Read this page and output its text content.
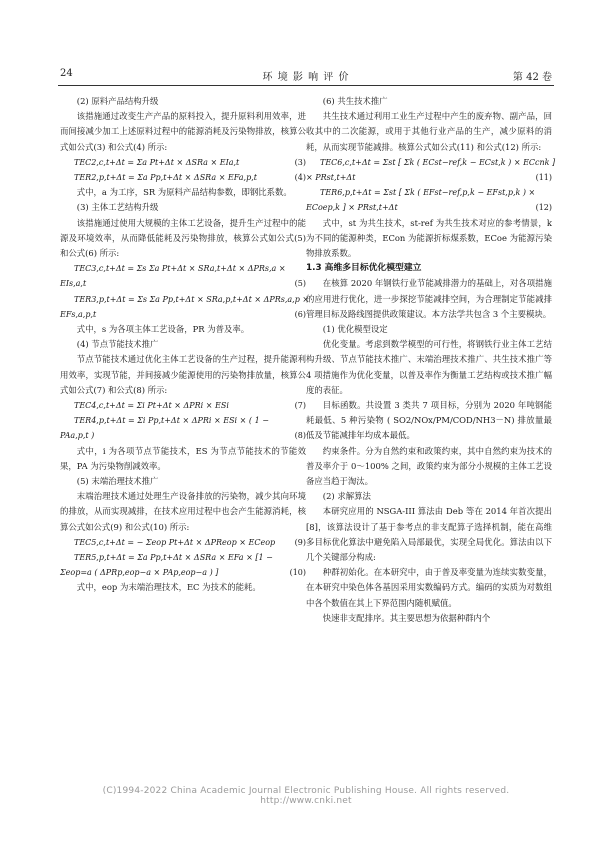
24	环 境 影 响 评 价	第 42 卷

(2) 原料产品结构升级

该措施通过改变生产产品的原料投入，提升原料利用效率，进而间接减少加工上述原料过程中的能源消耗及污染物排放，核算公式如公式(3) 和公式(4) 所示:

TEC2,c,t+Δt = Σa Pt+Δt × ΔSRa × EIa,t	(3)
TER2,p,t+Δt = Σa Pp,t+Δt × ΔSRa × EFa,p,t	(4)

式中，a 为工序，SR 为原料产品结构参数，即钢比系数。

(3) 主体工艺结构升级

该措施通过使用大规模的主体工艺设备，提升生产过程中的能源及环境效率，从而降低能耗及污染物排放，核算公式如公式(5) 和公式(6) 所示:

TEC3,c,t+Δt = Σs Σa Pt+Δt × SRa,t+Δt × ΔPRs,a ×
EIs,a,t	(5)
TER3,p,t+Δt = Σs Σa Pp,t+Δt × SRa,p,t+Δt × ΔPRs,a,p ×
EFs,a,p,t	(6)

式中，s 为各项主体工艺设备，PR 为普及率。

(4) 节点节能技术推广

节点节能技术通过优化主体工艺设备的生产过程，提升能源利用效率，实现节能，并间接减少能源使用的污染物排放量，核算公式如公式(7) 和公式(8) 所示:

TEC4,c,t+Δt = Σi Pt+Δt × ΔPRi × ESi	(7)
TER4,p,t+Δt = Σi Pp,t+Δt × ΔPRi × ESi × ( 1 −
PAa,p,t )	(8)

式中，i 为各项节点节能技术，ES 为节点节能技术的节能效果，PA 为污染物削减效率。

(5) 末端治理技术推广

末端治理技术通过处理生产设备排放的污染物，减少其向环境的排放，从而实现减排，在技术应用过程中也会产生能源消耗，核算公式如公式(9) 和公式(10) 所示:

TEC5,c,t+Δt = − Σeop Pt+Δt × ΔPReop × ECeop (9)
TER5,p,t+Δt = Σa Pp,t+Δt × ΔSRa × EFa × [1 −
Σeop=a ( ΔPRp,eop−a × PAp,eop−a ) ]	(10)

式中，eop 为末端治理技术，EC 为技术的能耗。

(6) 共生技术推广

共生技术通过利用工业生产过程中产生的废弃物、副产品，回收其中的二次能源，或用于其他行业产品的生产，减少原料的消耗，从而实现节能减排。核算公式如公式(11) 和公式(12) 所示:

TEC6,c,t+Δt = Σst [ Σk ( ECst−ref,k − ECst,k ) × ECcnk ]
× PRst,t+Δt	(11)
TER6,p,t+Δt = Σst [ Σk ( EFst−ref,p,k − EFst,p,k ) ×
ECoep,k ] × PRst,t+Δt	(12)

式中，st 为共生技术，st-ref 为共生技术对应的参考情景，k 为不同的能源种类，ECon 为能源折标煤系数，ECoe 为能源污染物排放系数。

1.3 高维多目标优化模型建立

在核算 2020 年钢铁行业节能减排潜力的基础上，对各项措施的应用进行优化，进一步探挖节能减排空间，为合理制定节能减排管理目标及路线图提供政策建议。本方法学共包含 3 个主要模块。

(1) 优化模型设定

优化变量。考虑到数学模型的可行性，将钢铁行业主体工艺结构升级、节点节能技术推广、末端治理技术推广、共生技术推广等 4 项措施作为优化变量，以普及率作为衡量工艺结构或技术推广幅度的表征。

目标函数。共设置 3 类共 7 项目标，分别为 2020 年吨钢能耗最低、5 种污染物 ( SO2/NOx/PM/COD/NH3－N) 排放量最低及节能减排年均成本最低。

约束条件。分为自然约束和政策约束，其中自然约束为技术的普及率介于 0～100% 之间，政策约束为部分小规模的主体工艺设备应当趋于淘汰。

(2) 求解算法

本研究应用的 NSGA-III 算法由 Deb 等在 2014 年首次提出[8]，该算法设计了基于参考点的非支配算子选择机制，能在高维多目标优化算法中避免陷入局部最优，实现全局优化。算法由以下几个关键部分构成:

种群初始化。在本研究中，由于普及率变量为连续实数变量，在本研究中染色体各基因采用实数编码方式。编码的实质为对数组中各个数值在其上下界范围内随机赋值。

快速非支配排序。其主要思想为依据种群内个

(C)1994-2022 China Academic Journal Electronic Publishing House. All rights reserved. http://www.cnki.net
